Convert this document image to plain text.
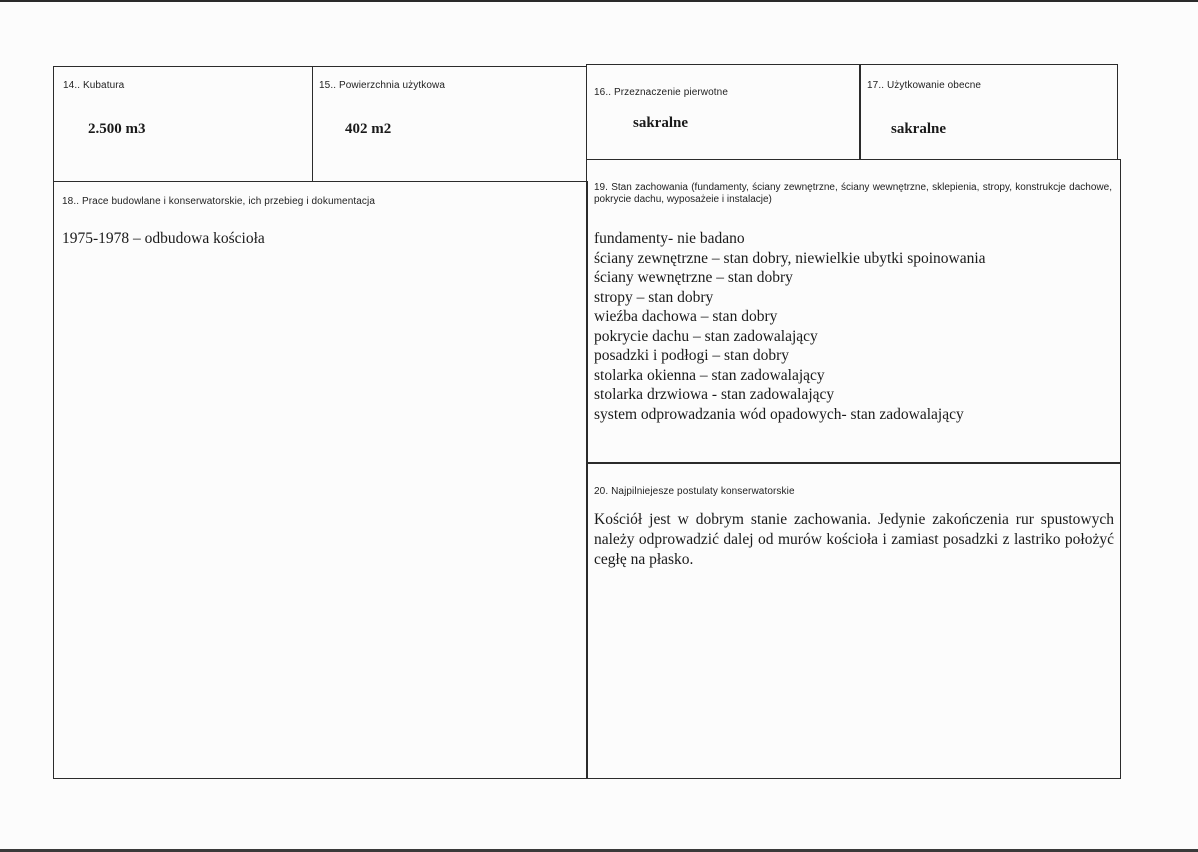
14.. Kubatura
2.500 m3
15.. Powierzchnia użytkowa
402 m2
16.. Przeznaczenie pierwotne
sakralne
17.. Użytkowanie obecne
sakralne
18.. Prace budowlane i konserwatorskie, ich przebieg i dokumentacja
1975-1978 – odbudowa kościoła
19. Stan zachowania (fundamenty, ściany zewnętrzne, ściany wewnętrzne, sklepienia, stropy, konstrukcje dachowe, pokrycie dachu, wyposażeie i instalacje)
fundamenty- nie badano
ściany zewnętrzne – stan dobry, niewielkie ubytki spoinowania
ściany wewnętrzne – stan dobry
stropy – stan dobry
wieźba dachowa – stan dobry
pokrycie dachu – stan zadowalający
posadzki i podłogi – stan dobry
stolarka okienna – stan zadowalający
stolarka drzwiowa - stan zadowalający
system odprowadzania wód opadowych- stan zadowalający
20. Najpilniejesze postulaty konserwatorskie
Kościół jest w dobrym stanie zachowania. Jedynie zakończenia rur spustowych należy odprowadzić dalej od murów kościoła i zamiast posadzki z lastriko położyć cegłę na płasko.
